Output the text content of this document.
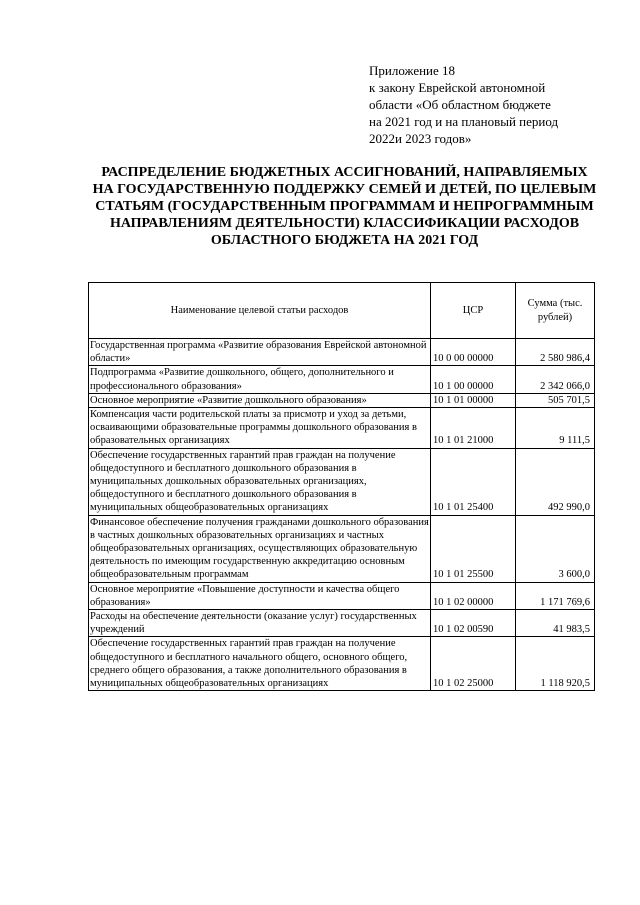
Приложение 18
к закону Еврейской автономной
области «Об областном бюджете
на 2021 год и на плановый период
2022и 2023 годов»
РАСПРЕДЕЛЕНИЕ БЮДЖЕТНЫХ АССИГНОВАНИЙ, НАПРАВЛЯЕМЫХ НА ГОСУДАРСТВЕННУЮ ПОДДЕРЖКУ СЕМЕЙ И ДЕТЕЙ, ПО ЦЕЛЕВЫМ СТАТЬЯМ (ГОСУДАРСТВЕННЫМ ПРОГРАММАМ И НЕПРОГРАММНЫМ НАПРАВЛЕНИЯМ ДЕЯТЕЛЬНОСТИ) КЛАССИФИКАЦИИ РАСХОДОВ ОБЛАСТНОГО БЮДЖЕТА НА 2021 ГОД
Наименование целевой статьи расходов	ЦСР	Сумма (тыс. рублей)
Государственная программа «Развитие образования Еврейской автономной области»	10 0 00 00000	2 580 986,4
Подпрограмма «Развитие дошкольного, общего, дополнительного и профессионального образования»	10 1 00 00000	2 342 066,0
Основное мероприятие «Развитие дошкольного образования»	10 1 01 00000	505 701,5
Компенсация части родительской платы за присмотр и уход за детьми, осваивающими образовательные программы дошкольного образования в образовательных организациях	10 1 01 21000	9 111,5
Обеспечение государственных гарантий прав граждан на получение общедоступного и бесплатного дошкольного образования в муниципальных дошкольных образовательных организациях, общедоступного и бесплатного дошкольного образования в муниципальных общеобразовательных организациях	10 1 01 25400	492 990,0
Финансовое обеспечение получения гражданами дошкольного образования в частных дошкольных образовательных организациях и частных общеобразовательных организациях, осуществляющих образовательную деятельность по имеющим государственную аккредитацию основным общеобразовательным программам	10 1 01 25500	3 600,0
Основное мероприятие «Повышение доступности и качества общего образования»	10 1 02 00000	1 171 769,6
Расходы на обеспечение деятельности (оказание услуг) государственных учреждений	10 1 02 00590	41 983,5
Обеспечение государственных гарантий прав граждан на получение общедоступного и бесплатного начального общего, основного общего, среднего общего образования, а также дополнительного образования в муниципальных общеобразовательных организациях	10 1 02 25000	1 118 920,5
